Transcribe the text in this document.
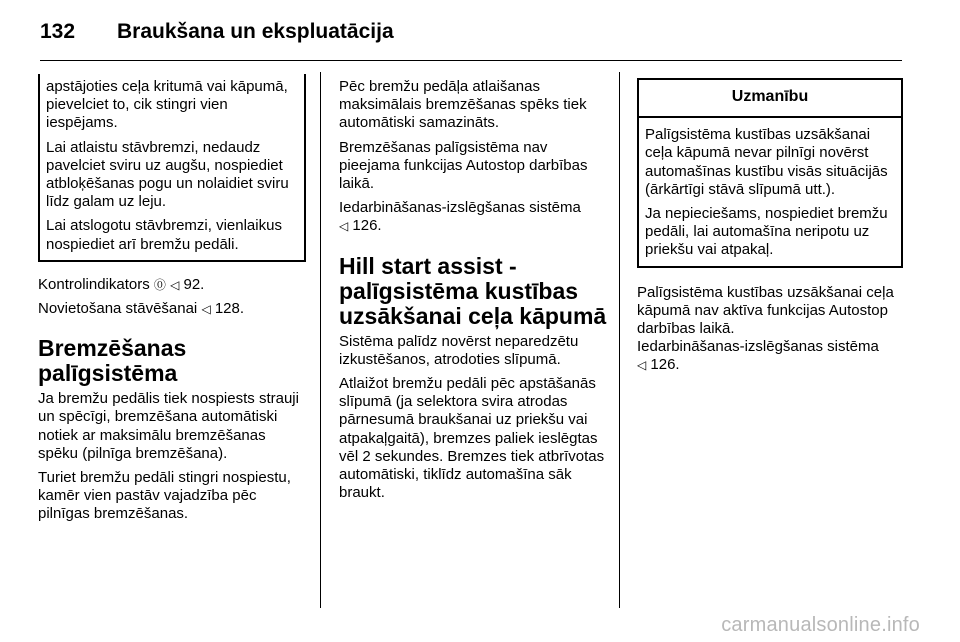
132 Braukšana un ekspluatācija

apstājoties ceļa kritumā vai kāpumā, pievelciet to, cik stingri vien iespējams.

Lai atlaistu stāvbremzi, nedaudz pavelciet sviru uz augšu, nospiediet atbloķēšanas pogu un nolaidiet sviru līdz galam uz leju.

Lai atslogotu stāvbremzi, vienlaikus nospiediet arī bremžu pedāli.

Kontrolindikators ⓪ ◁ 92.

Novietošana stāvēšanai ◁ 128.

Bremzēšanas palīgsistēma

Ja bremžu pedālis tiek nospiests strauji un spēcīgi, bremzēšana automātiski notiek ar maksimālu bremzēšanas spēku (pilnīga bremzēšana).

Turiet bremžu pedāli stingri nospiestu, kamēr vien pastāv vajadzība pēc pilnīgas bremzēšanas.

Pēc bremžu pedāļa atlaišanas maksimālais bremzēšanas spēks tiek automātiski samazināts.

Bremzēšanas palīgsistēma nav pieejama funkcijas Autostop darbības laikā.

Iedarbināšanas-izslēgšanas sistēma
◁ 126.

Hill start assist - palīgsistēma kustības uzsākšanai ceļa kāpumā

Sistēma palīdz novērst neparedzētu izkustēšanos, atrodoties slīpumā.

Atlaižot bremžu pedāli pēc apstāšanās slīpumā (ja selektora svira atrodas pārnesumā braukšanai uz priekšu vai atpakaļgaitā), bremzes paliek ieslēgtas vēl 2 sekundes. Bremzes tiek atbrīvotas automātiski, tiklīdz automašīna sāk braukt.

Uzmanību

Palīgsistēma kustības uzsākšanai ceļa kāpumā nevar pilnīgi novērst automašīnas kustību visās situācijās (ārkārtīgi stāvā slīpumā utt.).

Ja nepieciešams, nospiediet bremžu pedāli, lai automašīna neripotu uz priekšu vai atpakaļ.

Palīgsistēma kustības uzsākšanai ceļa kāpumā nav aktīva funkcijas Autostop darbības laikā.

Iedarbināšanas-izslēgšanas sistēma
◁ 126.

carmanualsonline.info
